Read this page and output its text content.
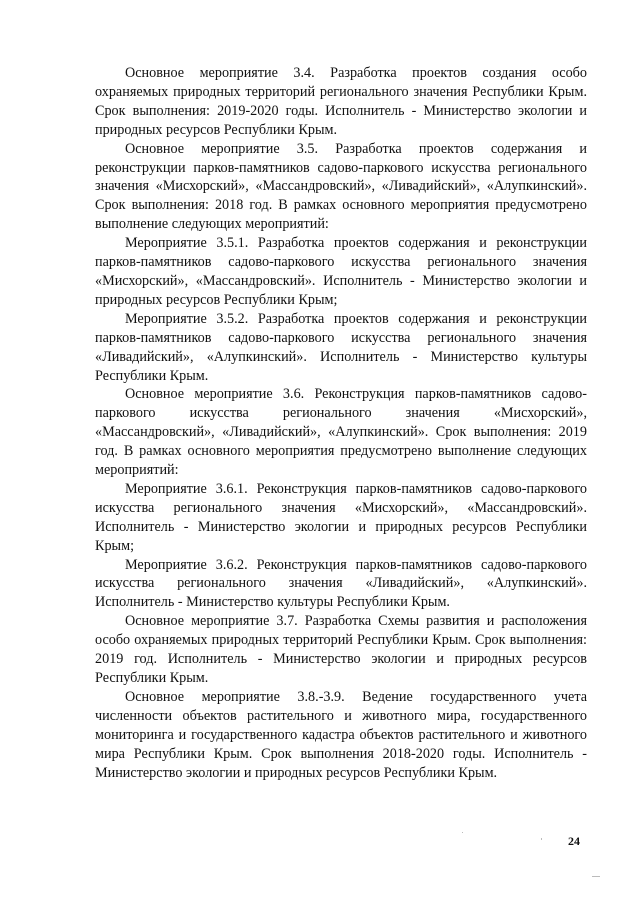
Основное мероприятие 3.4. Разработка проектов создания особо охраняемых природных территорий регионального значения Республики Крым. Срок выполнения: 2019-2020 годы. Исполнитель - Министерство экологии и природных ресурсов Республики Крым.

Основное мероприятие 3.5. Разработка проектов содержания и реконструкции парков-памятников садово-паркового искусства регионального значения «Мисхорский», «Массандровский», «Ливадийский», «Алупкинский». Срок выполнения: 2018 год. В рамках основного мероприятия предусмотрено выполнение следующих мероприятий:

Мероприятие 3.5.1. Разработка проектов содержания и реконструкции парков-памятников садово-паркового искусства регионального значения «Мисхорский», «Массандровский». Исполнитель - Министерство экологии и природных ресурсов Республики Крым;

Мероприятие 3.5.2. Разработка проектов содержания и реконструкции парков-памятников садово-паркового искусства регионального значения «Ливадийский», «Алупкинский». Исполнитель - Министерство культуры Республики Крым.

Основное мероприятие 3.6. Реконструкция парков-памятников садово-паркового искусства регионального значения «Мисхорский», «Массандровский», «Ливадийский», «Алупкинский». Срок выполнения: 2019 год. В рамках основного мероприятия предусмотрено выполнение следующих мероприятий:

Мероприятие 3.6.1. Реконструкция парков-памятников садово-паркового искусства регионального значения «Мисхорский», «Массандровский». Исполнитель - Министерство экологии и природных ресурсов Республики Крым;

Мероприятие 3.6.2. Реконструкция парков-памятников садово-паркового искусства регионального значения «Ливадийский», «Алупкинский». Исполнитель - Министерство культуры Республики Крым.

Основное мероприятие 3.7. Разработка Схемы развития и расположения особо охраняемых природных территорий Республики Крым. Срок выполнения: 2019 год. Исполнитель - Министерство экологии и природных ресурсов Республики Крым.

Основное мероприятие 3.8.-3.9. Ведение государственного учета численности объектов растительного и животного мира, государственного мониторинга и государственного кадастра объектов растительного и животного мира Республики Крым. Срок выполнения 2018-2020 годы. Исполнитель - Министерство экологии и природных ресурсов Республики Крым.

24
